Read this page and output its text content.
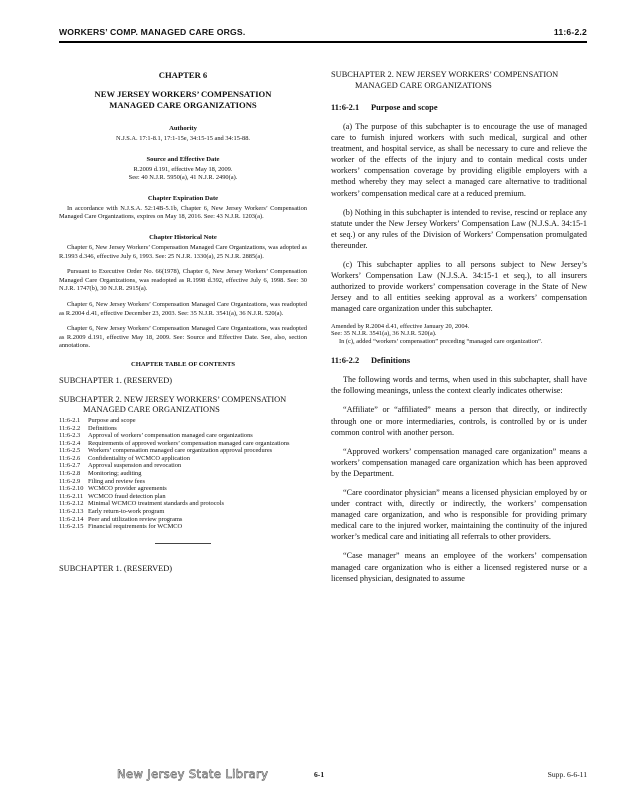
WORKERS’ COMP. MANAGED CARE ORGS.	11:6-2.2
CHAPTER 6
NEW JERSEY WORKERS’ COMPENSATION
MANAGED CARE ORGANIZATIONS
Authority
N.J.S.A. 17:1-8.1, 17:1-15e, 34:15-15 and 34:15-88.
Source and Effective Date
R.2009 d.191, effective May 18, 2009.
See: 40 N.J.R. 5950(a), 41 N.J.R. 2490(a).
Chapter Expiration Date
In accordance with N.J.S.A. 52:14B-5.1b, Chapter 6, New Jersey Workers’ Compensation Managed Care Organizations, expires on May 18, 2016. See: 43 N.J.R. 1203(a).
Chapter Historical Note
Chapter 6, New Jersey Workers’ Compensation Managed Care Organizations, was adopted as R.1993 d.346, effective July 6, 1993. See: 25 N.J.R. 1330(a), 25 N.J.R. 2885(a).
Pursuant to Executive Order No. 66(1978), Chapter 6, New Jersey Workers’ Compensation Managed Care Organizations, was readopted as R.1998 d.392, effective July 6, 1998. See: 30 N.J.R. 1747(b), 30 N.J.R. 2915(a).
Chapter 6, New Jersey Workers’ Compensation Managed Care Organizations, was readopted as R.2004 d.41, effective December 23, 2003. See: 35 N.J.R. 3541(a), 36 N.J.R. 520(a).
Chapter 6, New Jersey Workers’ Compensation Managed Care Organizations, was readopted as R.2009 d.191, effective May 18, 2009. See: Source and Effective Date. See, also, section annotations.
CHAPTER TABLE OF CONTENTS
SUBCHAPTER 1. (RESERVED)
SUBCHAPTER 2. NEW JERSEY WORKERS’ COMPENSATION MANAGED CARE ORGANIZATIONS
11:6-2.1	Purpose and scope
11:6-2.2	Definitions
11:6-2.3	Approval of workers’ compensation managed care organizations
11:6-2.4	Requirements of approved workers’ compensation managed care organizations
11:6-2.5	Workers’ compensation managed care organization approval procedures
11:6-2.6	Confidentiality of WCMCO application
11:6-2.7	Approval suspension and revocation
11:6-2.8	Monitoring; auditing
11:6-2.9	Filing and review fees
11:6-2.10 WCMCO provider agreements
11:6-2.11 WCMCO fraud detection plan
11:6-2.12 Minimal WCMCO treatment standards and protocols
11:6-2.13 Early return-to-work program
11:6-2.14 Peer and utilization review programs
11:6-2.15 Financial requirements for WCMCO
SUBCHAPTER 1. (RESERVED)
SUBCHAPTER 2. NEW JERSEY WORKERS’ COMPENSATION MANAGED CARE ORGANIZATIONS
11:6-2.1 Purpose and scope

(a) The purpose of this subchapter is to encourage the use of managed care to furnish injured workers with such medical, surgical and other treatment, and hospital service, as shall be necessary to cure and relieve the worker of the effects of the injury and to contain medical costs under workers’ compensation coverage by providing eligible employers with a method whereby they may select a managed care alternative to traditional workers’ compensation medical care at a reduced premium.

(b) Nothing in this subchapter is intended to revise, rescind or replace any statute under the New Jersey Workers’ Compensation Law (N.J.S.A. 34:15-1 et seq.) or any rules of the Division of Workers’ Compensation promulgated thereunder.

(c) This subchapter applies to all persons subject to New Jersey’s Workers’ Compensation Law (N.J.S.A. 34:15-1 et seq.), to all insurers authorized to provide workers’ compensation coverage in the State of New Jersey and to all entities seeking approval as a workers’ compensation managed care organization under this subchapter.

Amended by R.2004 d.41, effective January 20, 2004.
See: 35 N.J.R. 3541(a), 36 N.J.R. 520(a).
In (c), added “workers’ compensation” preceding “managed care organization”.
11:6-2.2 Definitions

The following words and terms, when used in this subchapter, shall have the following meanings, unless the context clearly indicates otherwise:

“Affiliate” or “affiliated” means a person that directly, or indirectly through one or more intermediaries, controls, is controlled by or is under common control with another person.

“Approved workers’ compensation managed care organization” means a workers’ compensation managed care organization which has been approved by the Department.

“Care coordinator physician” means a licensed physician employed by or under contract with, directly or indirectly, the workers’ compensation managed care organization, and who is responsible for providing primary medical care to the injured worker, maintaining the continuity of the injured worker’s medical care and initiating all referrals to other providers.

“Case manager” means an employee of the workers’ compensation managed care organization who is either a licensed registered nurse or a licensed physician, designated to assume

New Jersey State Library	6-1	Supp. 6-6-11
